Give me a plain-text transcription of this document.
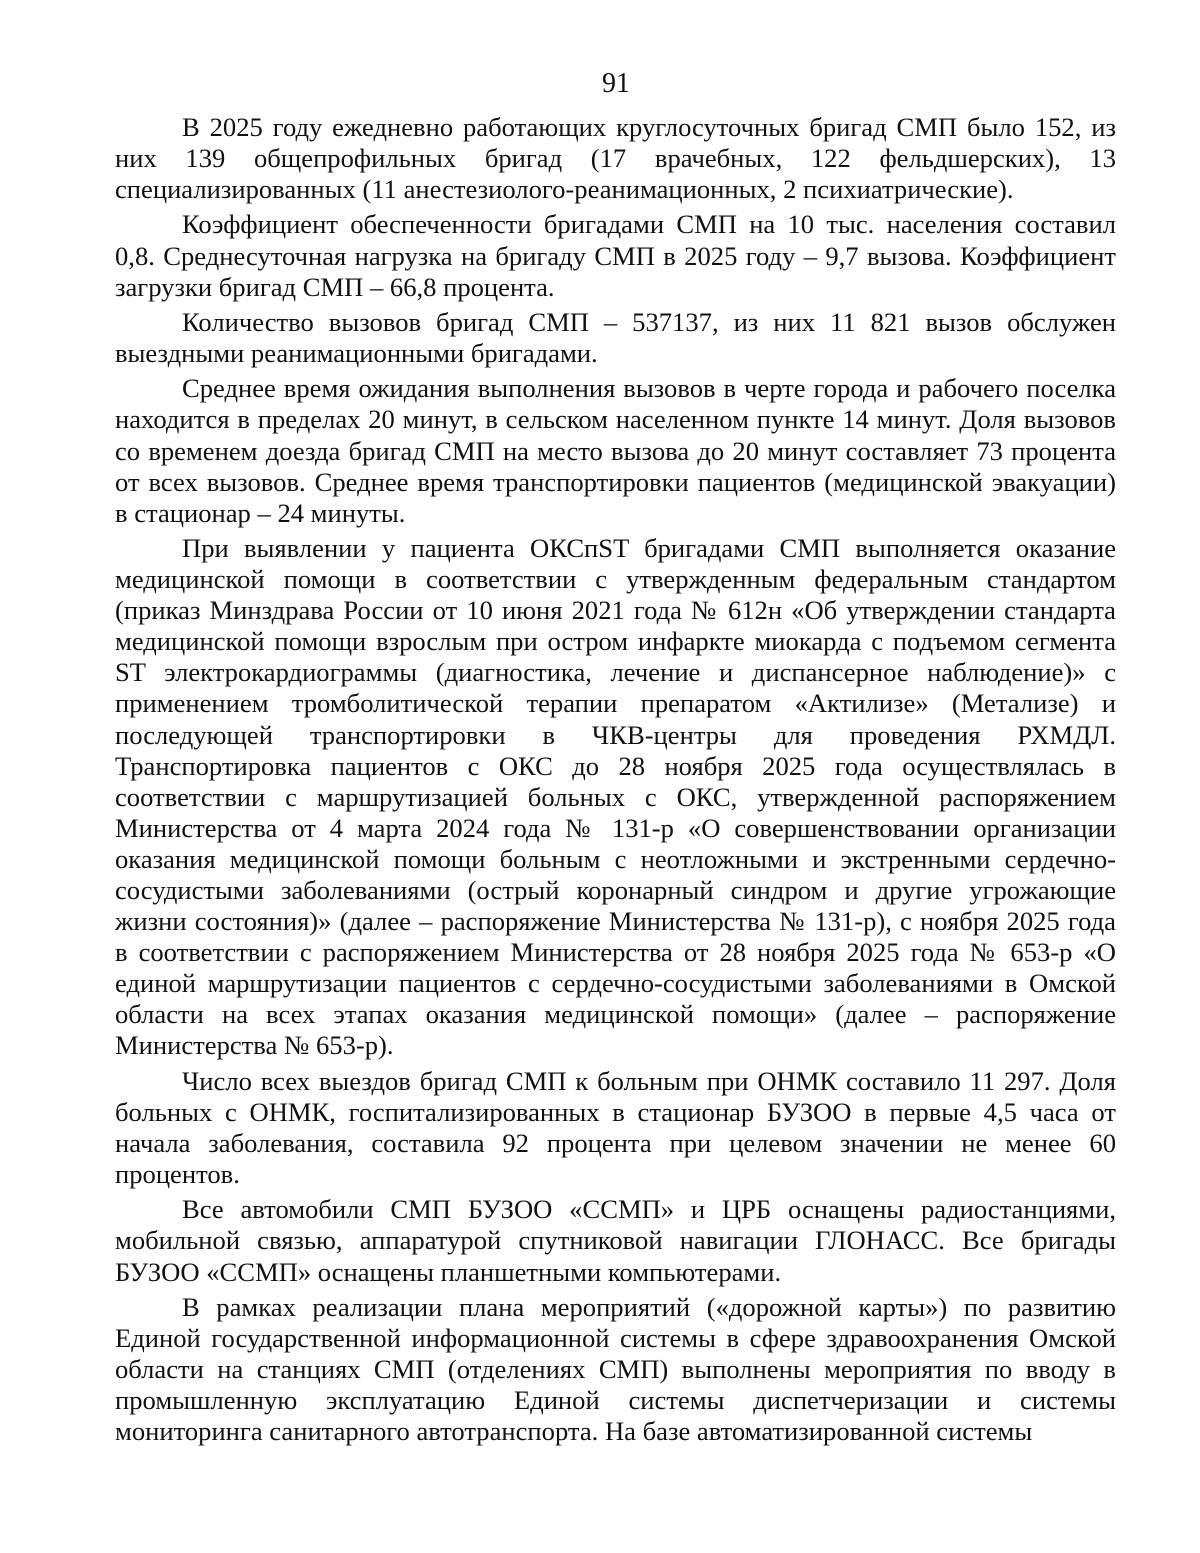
91

В 2025 году ежедневно работающих круглосуточных бригад СМП было 152, из них 139 общепрофильных бригад (17 врачебных, 122 фельдшерских), 13 специализированных (11 анестезиолого-реанимационных, 2 психиатрические).

Коэффициент обеспеченности бригадами СМП на 10 тыс. населения составил 0,8. Среднесуточная нагрузка на бригаду СМП в 2025 году – 9,7 вызова. Коэффициент загрузки бригад СМП – 66,8 процента.

Количество вызовов бригад СМП – 537137, из них 11 821 вызов обслужен выездными реанимационными бригадами.

Среднее время ожидания выполнения вызовов в черте города и рабочего поселка находится в пределах 20 минут, в сельском населенном пункте 14 минут. Доля вызовов со временем доезда бригад СМП на место вызова до 20 минут составляет 73 процента от всех вызовов. Среднее время транспортировки пациентов (медицинской эвакуации) в стационар – 24 минуты.

При выявлении у пациента ОКСпST бригадами СМП выполняется оказание медицинской помощи в соответствии с утвержденным федеральным стандартом (приказ Минздрава России от 10 июня 2021 года № 612н «Об утверждении стандарта медицинской помощи взрослым при остром инфаркте миокарда с подъемом сегмента ST электрокардиограммы (диагностика, лечение и диспансерное наблюдение)» с применением тромболитической терапии препаратом «Актилизе» (Метализе) и последующей транспортировки в ЧКВ-центры для проведения РХМДЛ. Транспортировка пациентов с ОКС до 28 ноября 2025 года осуществлялась в соответствии с маршрутизацией больных с ОКС, утвержденной распоряжением Министерства от 4 марта 2024 года № 131-р «О совершенствовании организации оказания медицинской помощи больным с неотложными и экстренными сердечно-сосудистыми заболеваниями (острый коронарный синдром и другие угрожающие жизни состояния)» (далее – распоряжение Министерства № 131-р), с ноября 2025 года в соответствии с распоряжением Министерства от 28 ноября 2025 года № 653-р «О единой маршрутизации пациентов с сердечно-сосудистыми заболеваниями в Омской области на всех этапах оказания медицинской помощи» (далее – распоряжение Министерства № 653-р).

Число всех выездов бригад СМП к больным при ОНМК составило 11 297. Доля больных с ОНМК, госпитализированных в стационар БУЗОО в первые 4,5 часа от начала заболевания, составила 92 процента при целевом значении не менее 60 процентов.

Все автомобили СМП БУЗОО «ССМП» и ЦРБ оснащены радиостанциями, мобильной связью, аппаратурой спутниковой навигации ГЛОНАСС. Все бригады БУЗОО «ССМП» оснащены планшетными компьютерами.

В рамках реализации плана мероприятий («дорожной карты») по развитию Единой государственной информационной системы в сфере здравоохранения Омской области на станциях СМП (отделениях СМП) выполнены мероприятия по вводу в промышленную эксплуатацию Единой системы диспетчеризации и системы мониторинга санитарного автотранспорта. На базе автоматизированной системы
